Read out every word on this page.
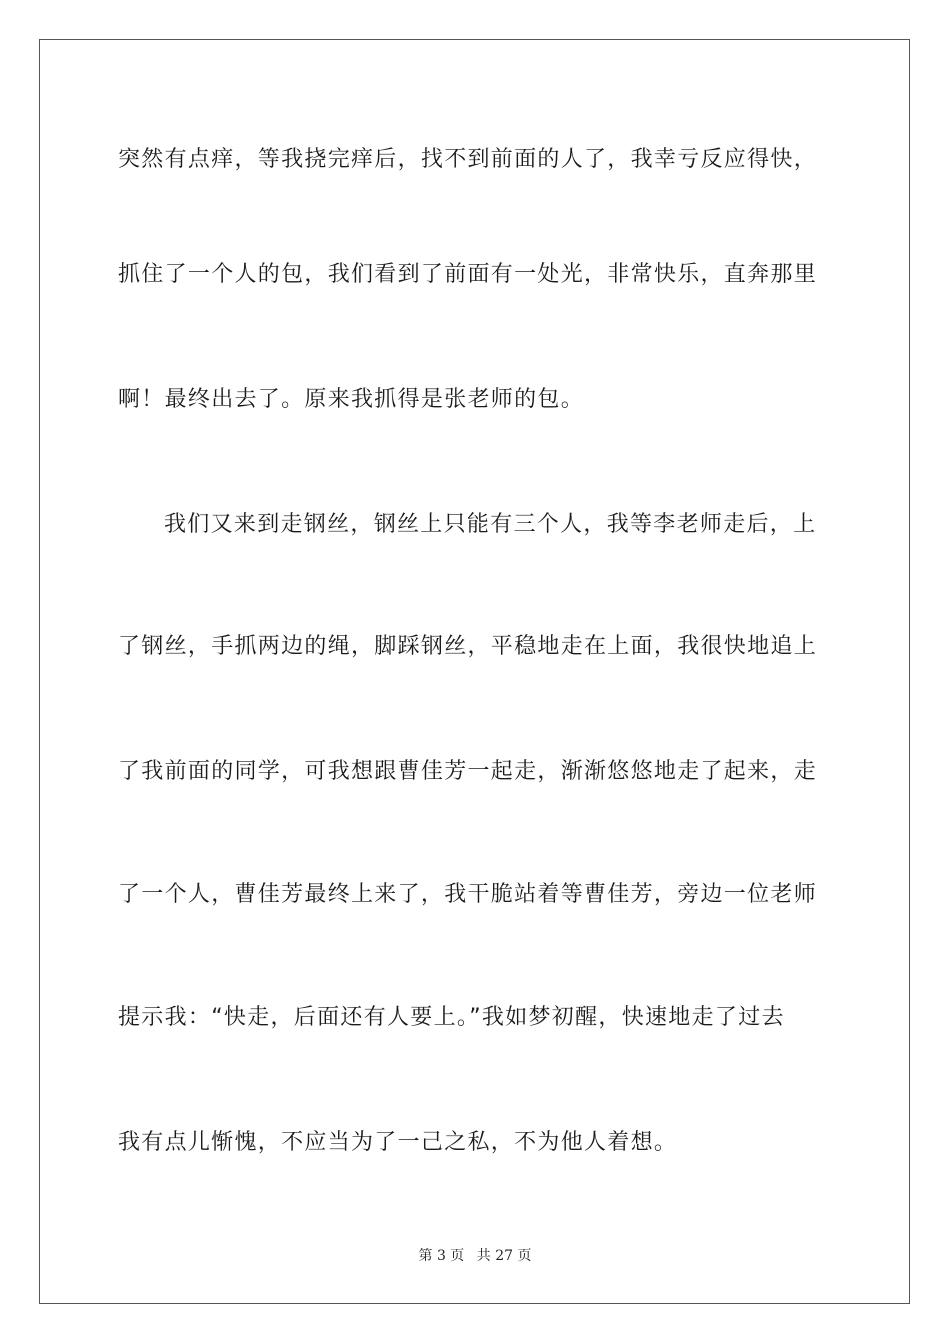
突然有点痒，等我挠完痒后，找不到前面的人了，我幸亏反应得快，
抓住了一个人的包，我们看到了前面有一处光，非常快乐，直奔那里
啊！最终出去了。原来我抓得是张老师的包。
我们又来到走钢丝，钢丝上只能有三个人，我等李老师走后，上
了钢丝，手抓两边的绳，脚踩钢丝，平稳地走在上面，我很快地追上
了我前面的同学，可我想跟曹佳芳一起走，渐渐悠悠地走了起来，走
了一个人，曹佳芳最终上来了，我干脆站着等曹佳芳，旁边一位老师
提示我：“快走，后面还有人要上。”我如梦初醒，快速地走了过去
我有点儿惭愧，不应当为了一己之私，不为他人着想。
第 3 页 共 27 页
